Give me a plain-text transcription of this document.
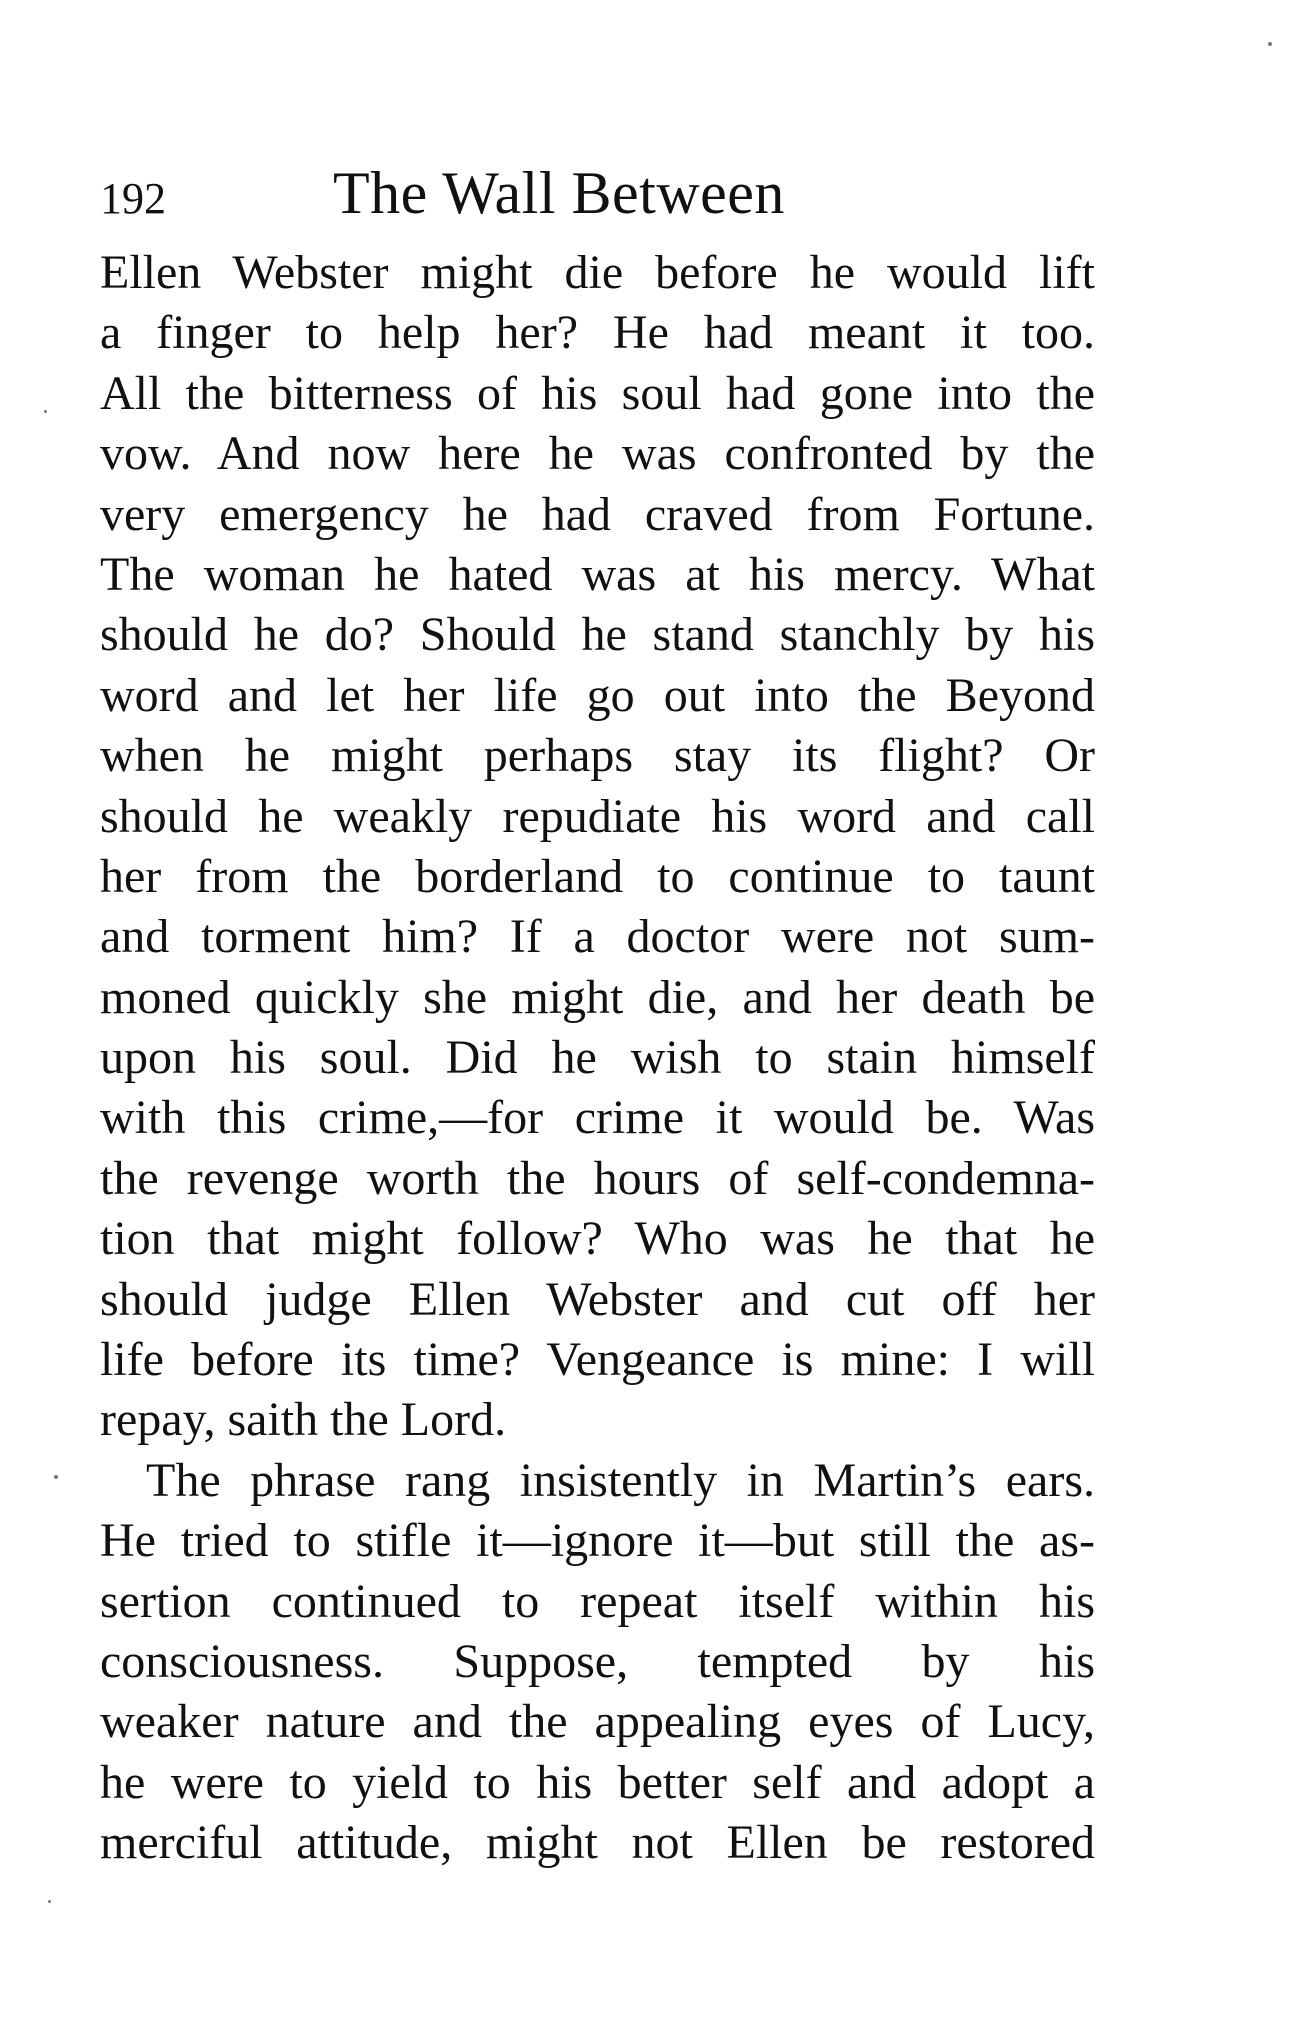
192	The Wall Between
Ellen Webster might die before he would lift
a finger to help her? He had meant it too.
All the bitterness of his soul had gone into the
vow. And now here he was confronted by the
very emergency he had craved from Fortune.
The woman he hated was at his mercy. What
should he do? Should he stand stanchly by his
word and let her life go out into the Beyond
when he might perhaps stay its flight? Or
should he weakly repudiate his word and call
her from the borderland to continue to taunt
and torment him? If a doctor were not sum-
moned quickly she might die, and her death be
upon his soul. Did he wish to stain himself
with this crime,—for crime it would be. Was
the revenge worth the hours of self-condemna-
tion that might follow? Who was he that he
should judge Ellen Webster and cut off her
life before its time? Vengeance is mine: I will
repay, saith the Lord.
The phrase rang insistently in Martin’s ears.
He tried to stifle it—ignore it—but still the as-
sertion continued to repeat itself within his
consciousness. Suppose, tempted by his
weaker nature and the appealing eyes of Lucy,
he were to yield to his better self and adopt a
merciful attitude, might not Ellen be restored
